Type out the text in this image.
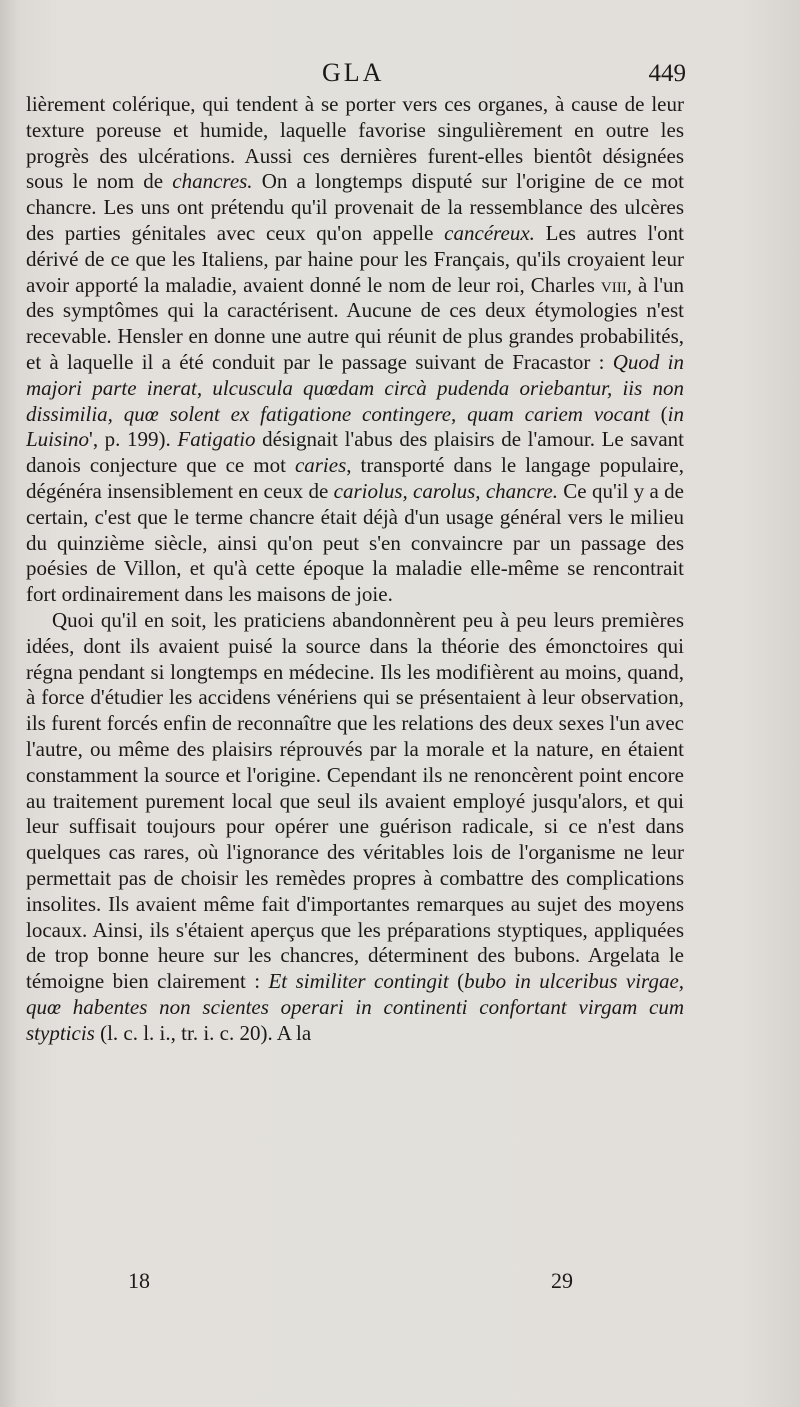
GLA	449
lièrement colérique, qui tendent à se porter vers ces organes, à cause de leur texture poreuse et humide, laquelle favorise singulièrement en outre les progrès des ulcérations. Aussi ces dernières furent-elles bientôt désignées sous le nom de chancres. On a longtemps disputé sur l'origine de ce mot chancre. Les uns ont prétendu qu'il provenait de la ressemblance des ulcères des parties génitales avec ceux qu'on appelle cancéreux. Les autres l'ont dérivé de ce que les Italiens, par haine pour les Français, qu'ils croyaient leur avoir apporté la maladie, avaient donné le nom de leur roi, Charles viii, à l'un des symptômes qui la caractérisent. Aucune de ces deux étymologies n'est recevable. Hensler en donne une autre qui réunit de plus grandes probabilités, et à laquelle il a été conduit par le passage suivant de Fracastor : Quod in majori parte inerat, ulcuscula quœdam circà pudenda oriebantur, iis non dissimilia, quœ solent ex fatigatione contingere, quam cariem vocant (in Luisino', p. 199). Fatigatio désignait l'abus des plaisirs de l'amour. Le savant danois conjecture que ce mot caries, transporté dans le langage populaire, dégénéra insensiblement en ceux de cariolus, carolus, chancre. Ce qu'il y a de certain, c'est que le terme chancre était déjà d'un usage général vers le milieu du quinzième siècle, ainsi qu'on peut s'en convaincre par un passage des poésies de Villon, et qu'à cette époque la maladie elle-même se rencontrait fort ordinairement dans les maisons de joie.
Quoi qu'il en soit, les praticiens abandonnèrent peu à peu leurs premières idées, dont ils avaient puisé la source dans la théorie des émonctoires qui régna pendant si longtemps en médecine. Ils les modifièrent au moins, quand, à force d'étudier les accidens vénériens qui se présentaient à leur observation, ils furent forcés enfin de reconnaître que les relations des deux sexes l'un avec l'autre, ou même des plaisirs réprouvés par la morale et la nature, en étaient constamment la source et l'origine. Cependant ils ne renoncèrent point encore au traitement purement local que seul ils avaient employé jusqu'alors, et qui leur suffisait toujours pour opérer une guérison radicale, si ce n'est dans quelques cas rares, où l'ignorance des véritables lois de l'organisme ne leur permettait pas de choisir les remèdes propres à combattre des complications insolites. Ils avaient même fait d'importantes remarques au sujet des moyens locaux. Ainsi, ils s'étaient aperçus que les préparations styptiques, appliquées de trop bonne heure sur les chancres, déterminent des bubons. Argelata le témoigne bien clairement : Et similiter contingit (bubo in ulceribus virgae, quœ habentes non scientes operari in continenti confortant virgam cum stypticis (l. c. l. i., tr. i. c. 20). A la
18	29
